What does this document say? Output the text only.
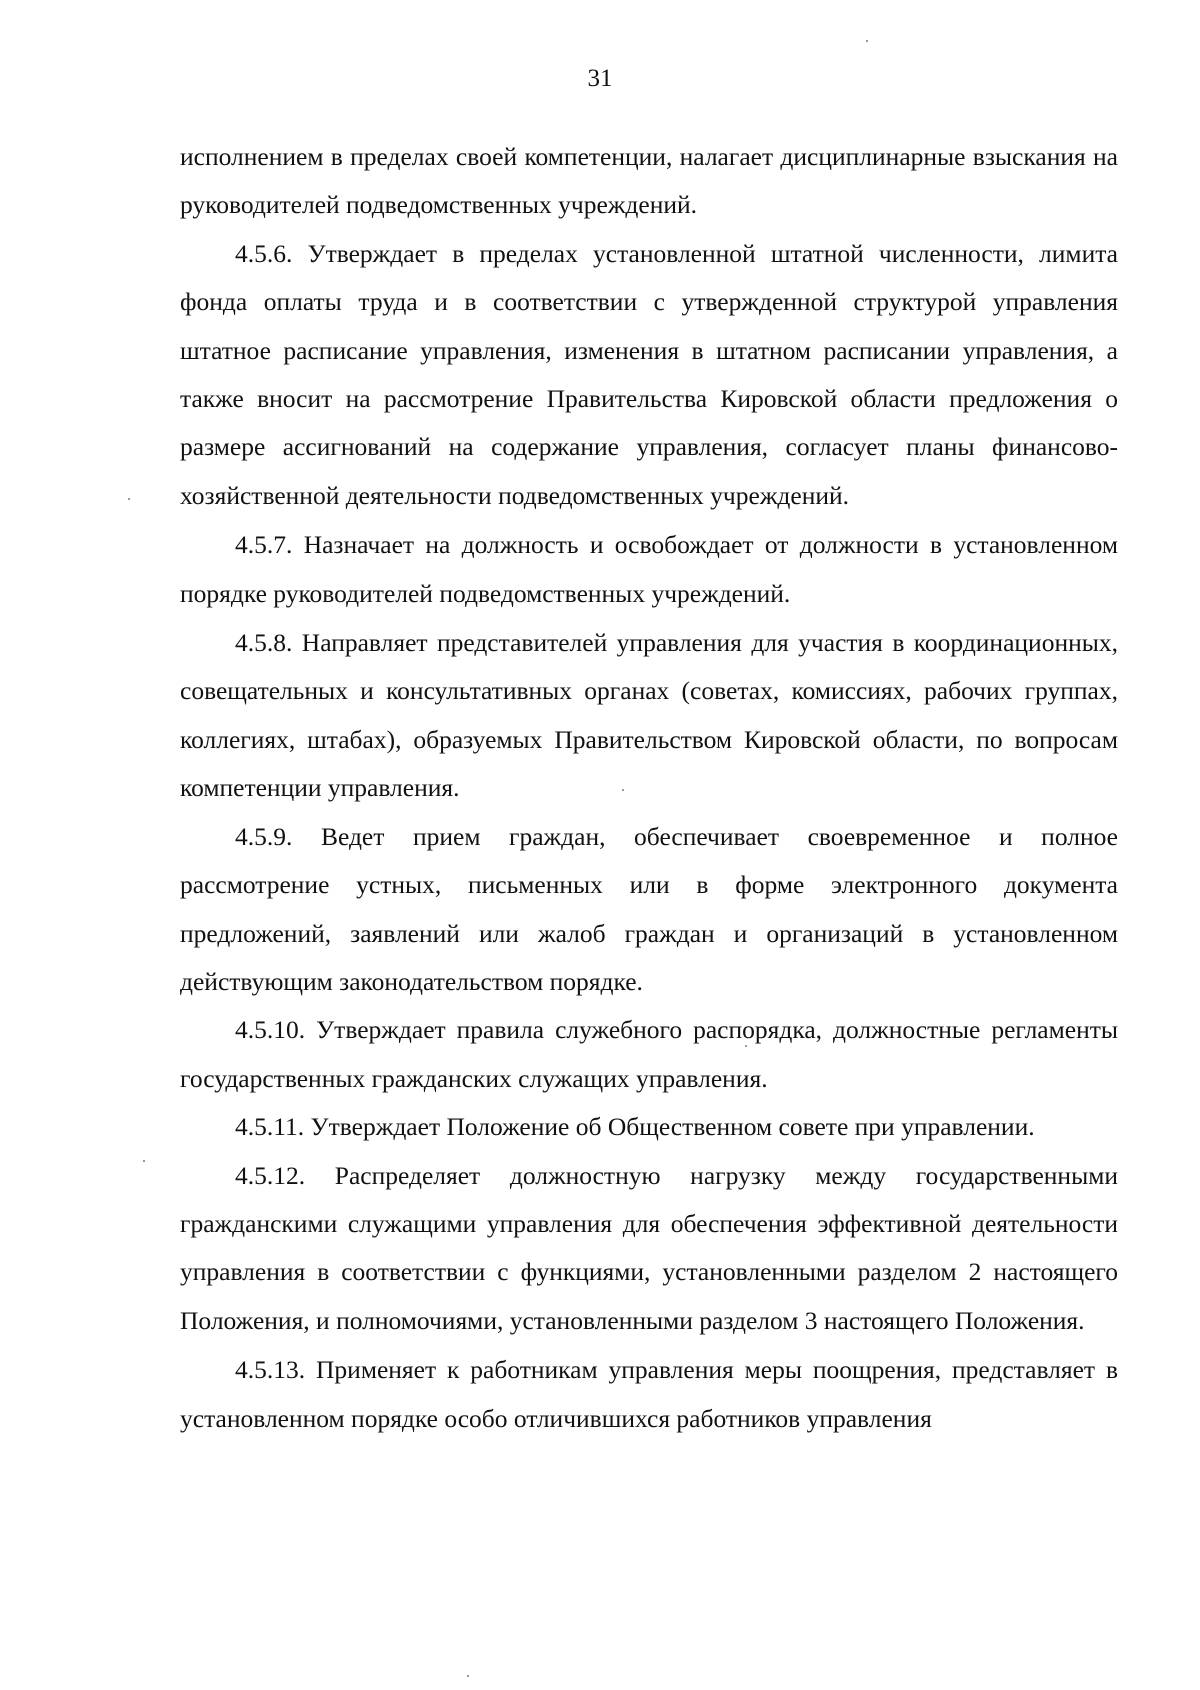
31

исполнением в пределах своей компетенции, налагает дисциплинарные взыскания на руководителей подведомственных учреждений.

4.5.6. Утверждает в пределах установленной штатной численности, лимита фонда оплаты труда и в соответствии с утвержденной структурой управления штатное расписание управления, изменения в штатном расписании управления, а также вносит на рассмотрение Правительства Кировской области предложения о размере ассигнований на содержание управления, согласует планы финансово-хозяйственной деятельности подведомственных учреждений.

4.5.7. Назначает на должность и освобождает от должности в установленном порядке руководителей подведомственных учреждений.

4.5.8. Направляет представителей управления для участия в координационных, совещательных и консультативных органах (советах, комиссиях, рабочих группах, коллегиях, штабах), образуемых Правительством Кировской области, по вопросам компетенции управления.

4.5.9. Ведет прием граждан, обеспечивает своевременное и полное рассмотрение устных, письменных или в форме электронного документа предложений, заявлений или жалоб граждан и организаций в установленном действующим законодательством порядке.

4.5.10. Утверждает правила служебного распорядка, должностные регламенты государственных гражданских служащих управления.

4.5.11. Утверждает Положение об Общественном совете при управлении.

4.5.12. Распределяет должностную нагрузку между государственными гражданскими служащими управления для обеспечения эффективной деятельности управления в соответствии с функциями, установленными разделом 2 настоящего Положения, и полномочиями, установленными разделом 3 настоящего Положения.

4.5.13. Применяет к работникам управления меры поощрения, представляет в установленном порядке особо отличившихся работников управления
